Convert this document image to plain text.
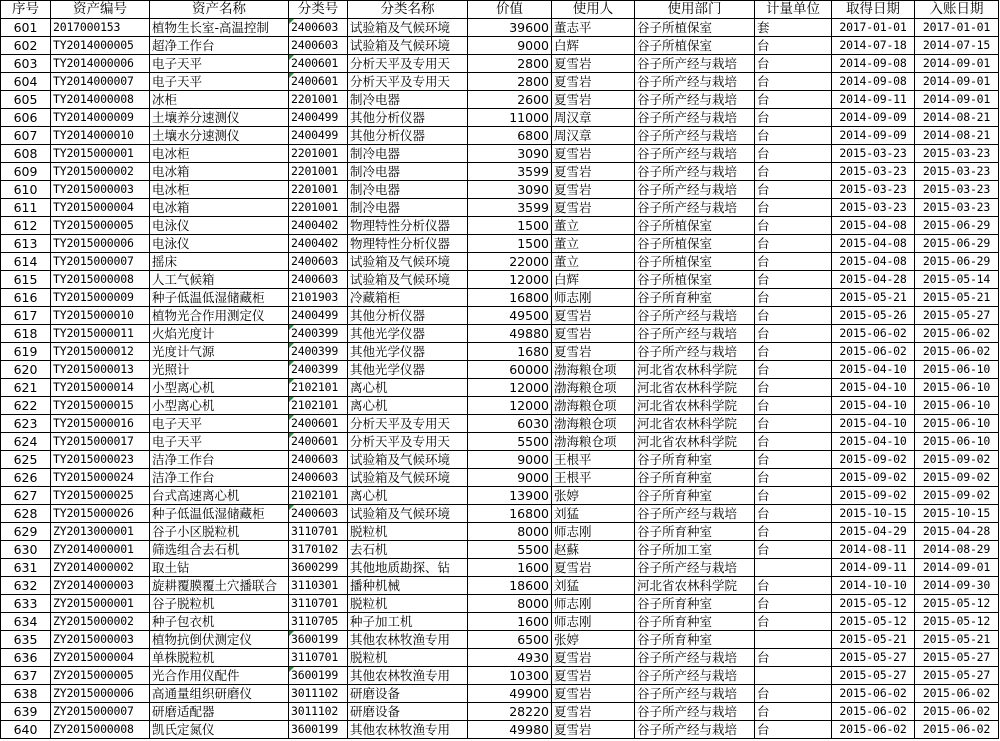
序号	资产编号	资产名称	分类号	分类名称	价值	使用人	使用部门	计量单位	取得日期	入账日期
601	2017000153	植物生长室-高温控制	2400603	试验箱及气候环境	39600	董志平	谷子所植保室	套	2017-01-01	2017-01-01
602	TY2014000005	超净工作台	2400603	试验箱及气候环境	9000	白辉	谷子所植保室	台	2014-07-18	2014-07-15
603	TY2014000006	电子天平	2400601	分析天平及专用天	2800	夏雪岩	谷子所产经与栽培	台	2014-09-08	2014-09-01
604	TY2014000007	电子天平	2400601	分析天平及专用天	2800	夏雪岩	谷子所产经与栽培	台	2014-09-08	2014-09-01
605	TY2014000008	冰柜	2201001	制冷电器	2600	夏雪岩	谷子所产经与栽培	台	2014-09-11	2014-09-01
606	TY2014000009	土壤养分速测仪	2400499	其他分析仪器	11000	周汉章	谷子所产经与栽培	台	2014-09-09	2014-08-21
607	TY2014000010	土壤水分速测仪	2400499	其他分析仪器	6800	周汉章	谷子所产经与栽培	台	2014-09-09	2014-08-21
608	TY2015000001	电冰柜	2201001	制冷电器	3090	夏雪岩	谷子所产经与栽培	台	2015-03-23	2015-03-23
609	TY2015000002	电冰箱	2201001	制冷电器	3599	夏雪岩	谷子所产经与栽培	台	2015-03-23	2015-03-23
610	TY2015000003	电冰柜	2201001	制冷电器	3090	夏雪岩	谷子所产经与栽培	台	2015-03-23	2015-03-23
611	TY2015000004	电冰箱	2201001	制冷电器	3599	夏雪岩	谷子所产经与栽培	台	2015-03-23	2015-03-23
612	TY2015000005	电泳仪	2400402	物理特性分析仪器	1500	董立	谷子所植保室	台	2015-04-08	2015-06-29
613	TY2015000006	电泳仪	2400402	物理特性分析仪器	1500	董立	谷子所植保室	台	2015-04-08	2015-06-29
614	TY2015000007	摇床	2400603	试验箱及气候环境	22000	董立	谷子所植保室	台	2015-04-08	2015-06-29
615	TY2015000008	人工气候箱	2400603	试验箱及气候环境	12000	白辉	谷子所植保室	台	2015-04-28	2015-05-14
616	TY2015000009	种子低温低湿储藏柜	2101903	冷藏箱柜	16800	师志刚	谷子所育种室	台	2015-05-21	2015-05-21
617	TY2015000010	植物光合作用测定仪	2400499	其他分析仪器	49500	夏雪岩	谷子所产经与栽培	台	2015-05-26	2015-05-27
618	TY2015000011	火焰光度计	2400399	其他光学仪器	49880	夏雪岩	谷子所产经与栽培	台	2015-06-02	2015-06-02
619	TY2015000012	光度计气源	2400399	其他光学仪器	1680	夏雪岩	谷子所产经与栽培	台	2015-06-02	2015-06-02
620	TY2015000013	光照计	2400399	其他光学仪器	60000	渤海粮仓项	河北省农林科学院	台	2015-04-10	2015-06-10
621	TY2015000014	小型离心机	2102101	离心机	12000	渤海粮仓项	河北省农林科学院	台	2015-04-10	2015-06-10
622	TY2015000015	小型离心机	2102101	离心机	12000	渤海粮仓项	河北省农林科学院	台	2015-04-10	2015-06-10
623	TY2015000016	电子天平	2400601	分析天平及专用天	6030	渤海粮仓项	河北省农林科学院	台	2015-04-10	2015-06-10
624	TY2015000017	电子天平	2400601	分析天平及专用天	5500	渤海粮仓项	河北省农林科学院	台	2015-04-10	2015-06-10
625	TY2015000023	洁净工作台	2400603	试验箱及气候环境	9000	王根平	谷子所育种室	台	2015-09-02	2015-09-02
626	TY2015000024	洁净工作台	2400603	试验箱及气候环境	9000	王根平	谷子所育种室	台	2015-09-02	2015-09-02
627	TY2015000025	台式高速离心机	2102101	离心机	13900	张婷	谷子所育种室	台	2015-09-02	2015-09-02
628	TY2015000026	种子低温低湿储藏柜	2400603	试验箱及气候环境	16800	刘猛	谷子所产经与栽培	台	2015-10-15	2015-10-15
629	ZY2013000001	谷子小区脱粒机	3110701	脱粒机	8000	师志刚	谷子所育种室	台	2015-04-29	2015-04-28
630	ZY2014000001	筛选组合去石机	3170102	去石机	5500	赵蘇	谷子所加工室	台	2014-08-11	2014-08-29
631	ZY2014000002	取土钻	3600299	其他地质勘探、钻	1600	夏雪岩	谷子所产经与栽培		2014-09-11	2014-09-01
632	ZY2014000003	旋耕覆膜覆土穴播联合	3110301	播种机械	18600	刘猛	河北省农林科学院	台	2014-10-10	2014-09-30
633	ZY2015000001	谷子脱粒机	3110701	脱粒机	8000	师志刚	谷子所育种室	台	2015-05-12	2015-05-12
634	ZY2015000002	种子包衣机	3110705	种子加工机	1600	师志刚	谷子所育种室	台	2015-05-12	2015-05-12
635	ZY2015000003	植物抗倒伏测定仪	3600199	其他农林牧渔专用	6500	张婷	谷子所育种室		2015-05-21	2015-05-21
636	ZY2015000004	单株脱粒机	3110701	脱粒机	4930	夏雪岩	谷子所产经与栽培	台	2015-05-27	2015-05-27
637	ZY2015000005	光合作用仪配件	3600199	其他农林牧渔专用	10300	夏雪岩	谷子所产经与栽培		2015-05-27	2015-05-27
638	ZY2015000006	高通量组织研磨仪	3011102	研磨设备	49900	夏雪岩	谷子所产经与栽培	台	2015-06-02	2015-06-02
639	ZY2015000007	研磨适配器	3011102	研磨设备	28220	夏雪岩	谷子所产经与栽培	台	2015-06-02	2015-06-02
640	ZY2015000008	凯氏定氮仪	3600199	其他农林牧渔专用	49980	夏雪岩	谷子所产经与栽培	台	2015-06-02	2015-06-02
